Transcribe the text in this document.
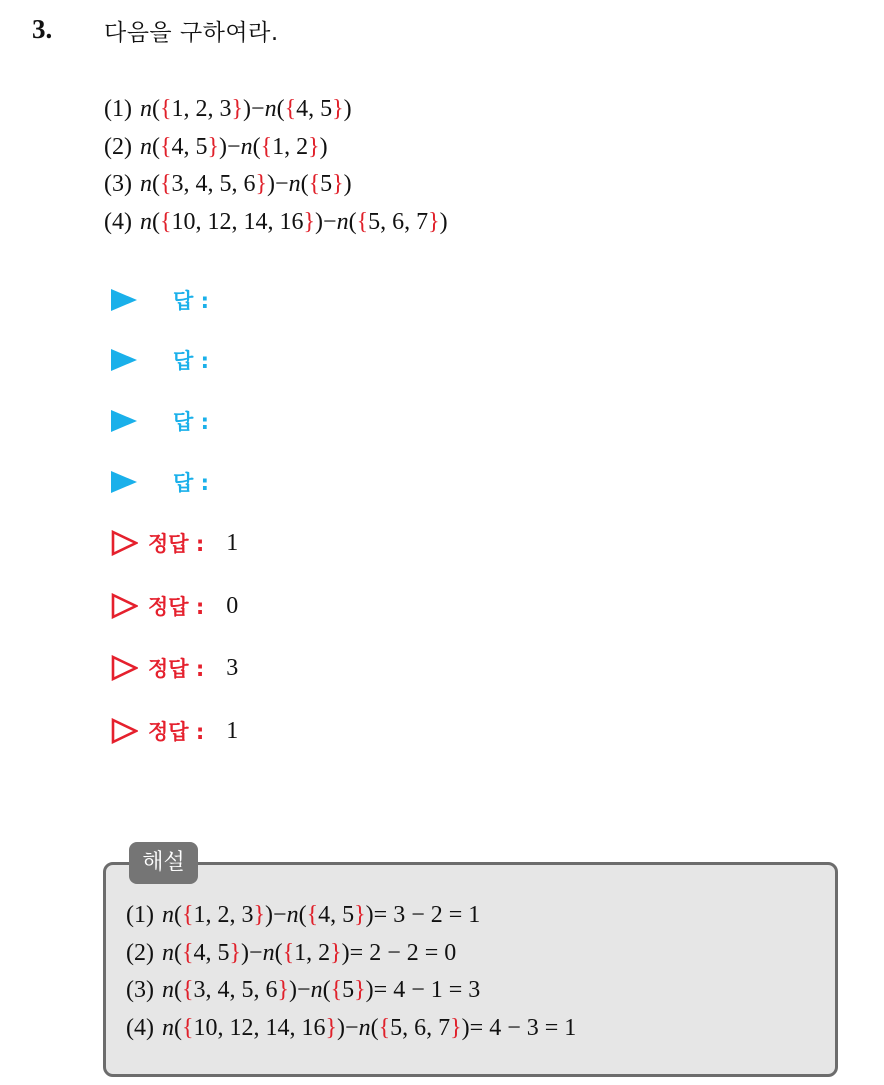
3. 다음을 구하여라.
(1) n({1, 2, 3})−n({4, 5})
(2) n({4, 5})−n({1, 2})
(3) n({3, 4, 5, 6})−n({5})
(4) n({10, 12, 14, 16})−n({5, 6, 7})
답 :
답 :
답 :
답 :
정답 : 1
정답 : 0
정답 : 3
정답 : 1
해설
(1) n({1, 2, 3})−n({4, 5})= 3 − 2 = 1
(2) n({4, 5})−n({1, 2})= 2 − 2 = 0
(3) n({3, 4, 5, 6})−n({5})= 4 − 1 = 3
(4) n({10, 12, 14, 16})−n({5, 6, 7})= 4 − 3 = 1
